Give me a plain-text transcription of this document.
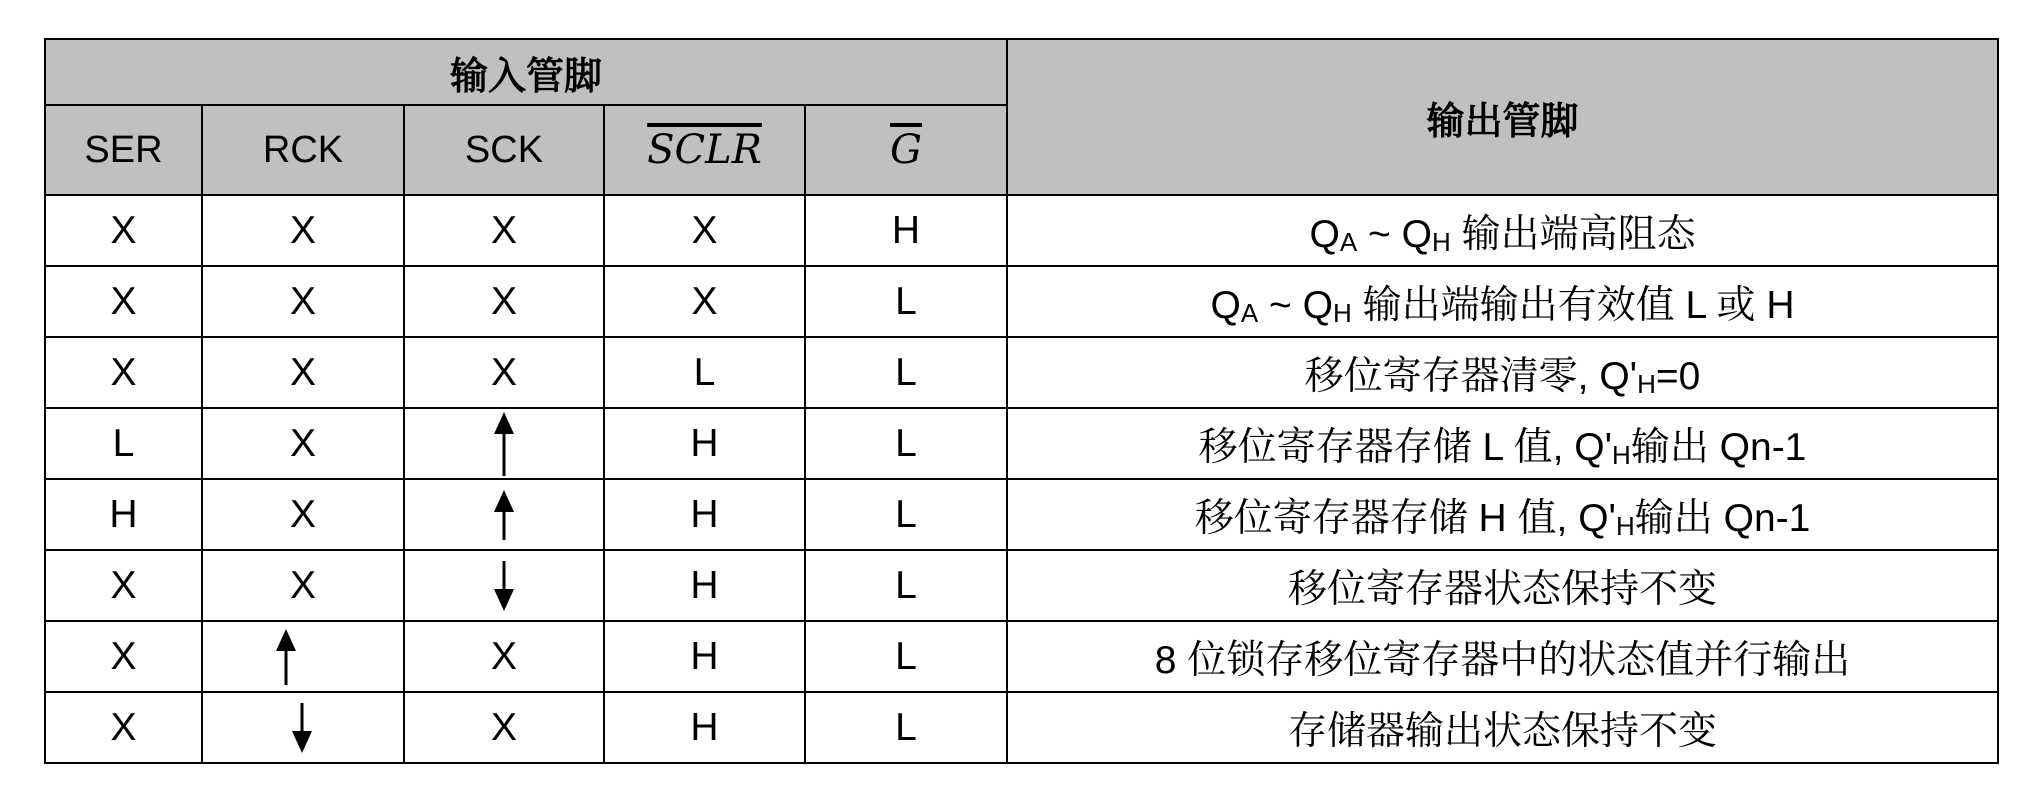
输入管脚					输出管脚
SER	RCK	SCK	SCLR	$\overline{G}$
X	X	X	X	H	QA ~ QH 输出端高阻态
X	X	X	X	L	QA ~ QH 输出端输出有效值 L 或 H
X	X	X	L	L	移位寄存器清零, Q'H=0
L	X		H	L	移位寄存器存储 L 值, Q'H输出 Qn-1
H	X		H	L	移位寄存器存储 H 值, Q'H输出 Qn-1
X	X		H	L	移位寄存器状态保持不变
X		X	H	L	8 位锁存移位寄存器中的状态值并行输出
X		X	H	L	存储器输出状态保持不变
